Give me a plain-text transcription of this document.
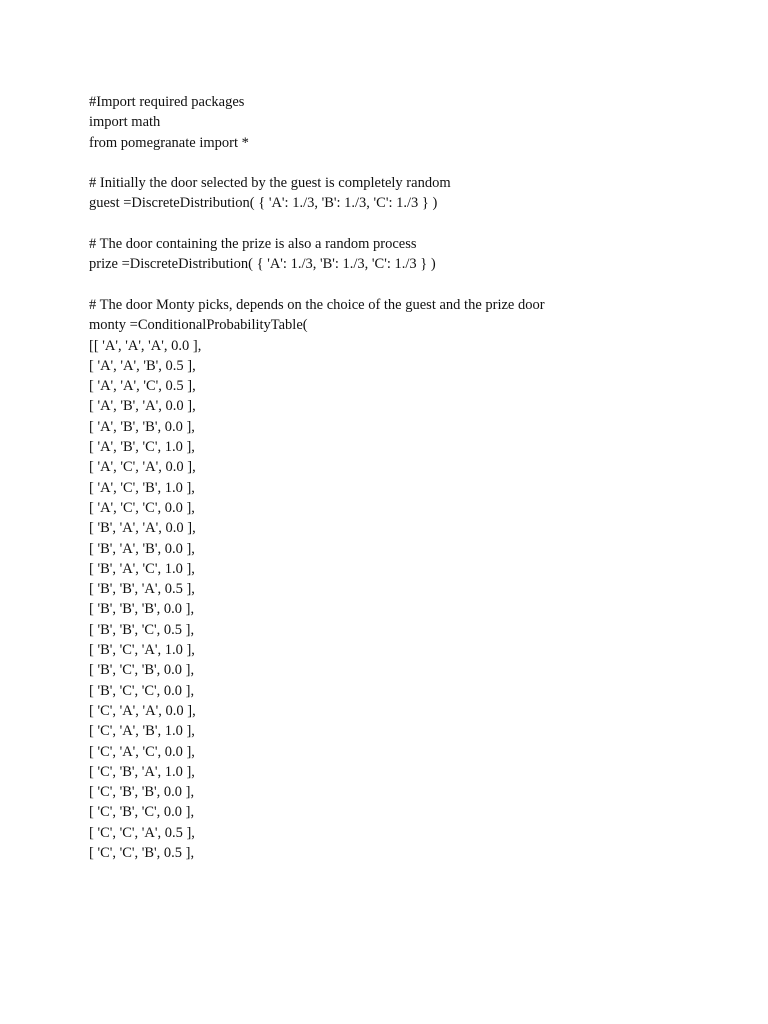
#Import required packages
import math
from pomegranate import *
# Initially the door selected by the guest is completely random
guest =DiscreteDistribution( { 'A': 1./3, 'B': 1./3, 'C': 1./3 } )
# The door containing the prize is also a random process
prize =DiscreteDistribution( { 'A': 1./3, 'B': 1./3, 'C': 1./3 } )
# The door Monty picks, depends on the choice of the guest and the prize door
monty =ConditionalProbabilityTable(
[[ 'A', 'A', 'A', 0.0 ],
[ 'A', 'A', 'B', 0.5 ],
[ 'A', 'A', 'C', 0.5 ],
[ 'A', 'B', 'A', 0.0 ],
[ 'A', 'B', 'B', 0.0 ],
[ 'A', 'B', 'C', 1.0 ],
[ 'A', 'C', 'A', 0.0 ],
[ 'A', 'C', 'B', 1.0 ],
[ 'A', 'C', 'C', 0.0 ],
[ 'B', 'A', 'A', 0.0 ],
[ 'B', 'A', 'B', 0.0 ],
[ 'B', 'A', 'C', 1.0 ],
[ 'B', 'B', 'A', 0.5 ],
[ 'B', 'B', 'B', 0.0 ],
[ 'B', 'B', 'C', 0.5 ],
[ 'B', 'C', 'A', 1.0 ],
[ 'B', 'C', 'B', 0.0 ],
[ 'B', 'C', 'C', 0.0 ],
[ 'C', 'A', 'A', 0.0 ],
[ 'C', 'A', 'B', 1.0 ],
[ 'C', 'A', 'C', 0.0 ],
[ 'C', 'B', 'A', 1.0 ],
[ 'C', 'B', 'B', 0.0 ],
[ 'C', 'B', 'C', 0.0 ],
[ 'C', 'C', 'A', 0.5 ],
[ 'C', 'C', 'B', 0.5 ],
